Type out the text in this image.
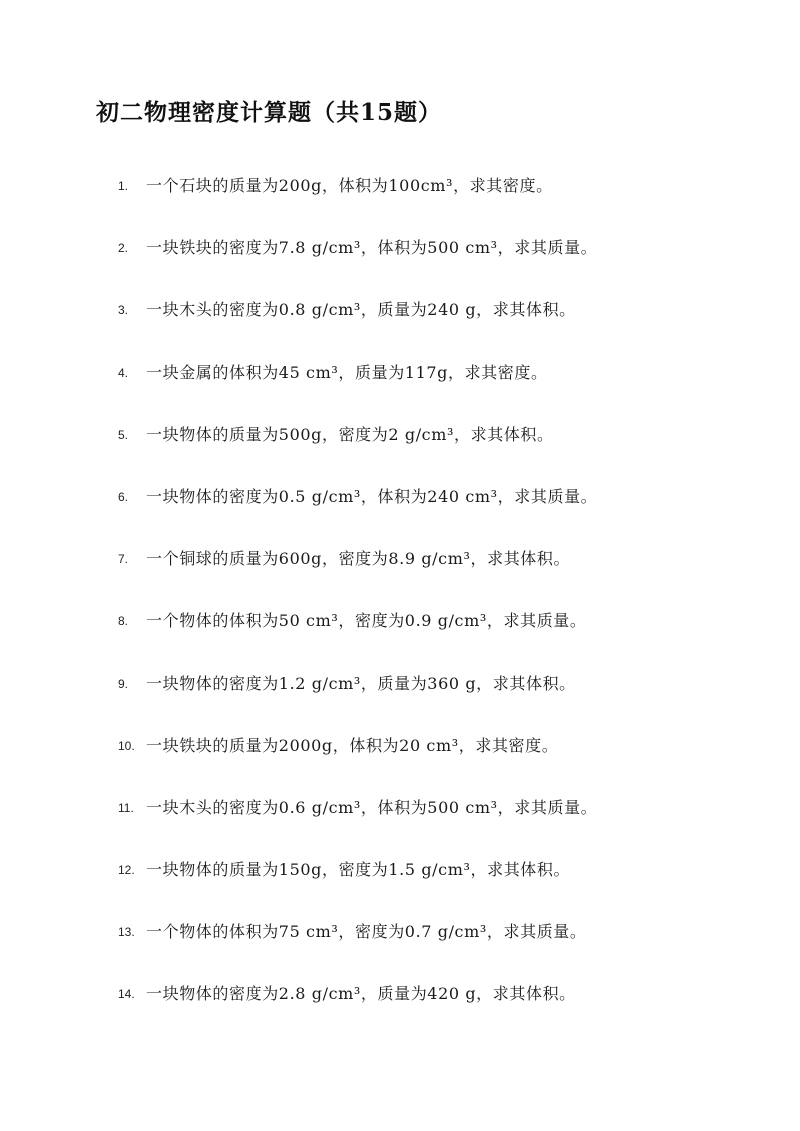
初二物理密度计算题（共15题）
1.	一个石块的质量为200g，体积为100cm³，求其密度。
2.	一块铁块的密度为7.8 g/cm³，体积为500 cm³，求其质量。
3.	一块木头的密度为0.8 g/cm³，质量为240 g，求其体积。
4.	一块金属的体积为45 cm³，质量为117g，求其密度。
5.	一块物体的质量为500g，密度为2 g/cm³，求其体积。
6.	一块物体的密度为0.5 g/cm³，体积为240 cm³，求其质量。
7.	一个铜球的质量为600g，密度为8.9 g/cm³，求其体积。
8.	一个物体的体积为50 cm³，密度为0.9 g/cm³，求其质量。
9.	一块物体的密度为1.2 g/cm³，质量为360 g，求其体积。
10. 一块铁块的质量为2000g，体积为20 cm³，求其密度。
11. 一块木头的密度为0.6 g/cm³，体积为500 cm³，求其质量。
12. 一块物体的质量为150g，密度为1.5 g/cm³，求其体积。
13. 一个物体的体积为75 cm³，密度为0.7 g/cm³，求其质量。
14. 一块物体的密度为2.8 g/cm³，质量为420 g，求其体积。
